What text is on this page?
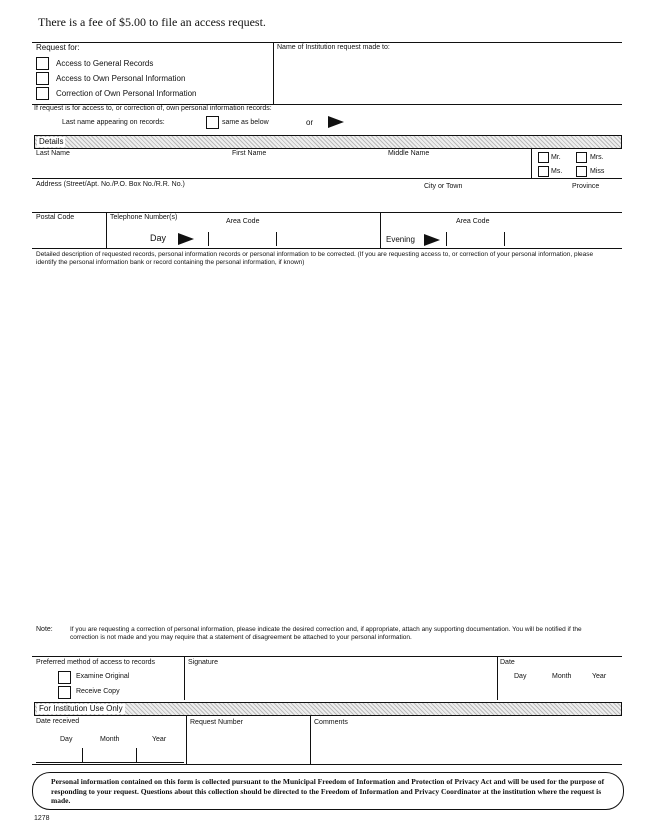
There is a fee of $5.00 to file an access request.
Request for:
Access to General Records
Access to Own Personal Information
Correction of Own Personal Information
Name of Institution request made to:
If request is for access to, or correction of, own personal information records:
Last name appearing on records:	same as below	or
Details
Last Name	First Name	Middle Name
Mr.	Mrs.
Ms.	Miss
Address (Street/Apt. No./P.O. Box No./R.R. No.)	City or Town	Province
Postal Code	Telephone Number(s)
Area Code
Day
Area Code
Evening
Detailed description of requested records, personal information records or personal information to be corrected. (If you are requesting access to, or correction of your personal information, please identify the personal information bank or record containing the personal information, if known)
Note:	If you are requesting a correction of personal information, please indicate the desired correction and, if appropriate, attach any supporting documentation. You will be notified if the correction is not made and you may require that a statement of disagreement be attached to your personal information.
Preferred method of access to records
Examine Original
Receive Copy
Signature	Date
Day	Month	Year
For Institution Use Only
Date received
Day	Month	Year
Request Number	Comments
Personal information contained on this form is collected pursuant to the Municipal Freedom of Information and Protection of Privacy Act and will be used for the purpose of responding to your request. Questions about this collection should be directed to the Freedom of Information and Privacy Coordinator at the institution where the request is made.
1278
